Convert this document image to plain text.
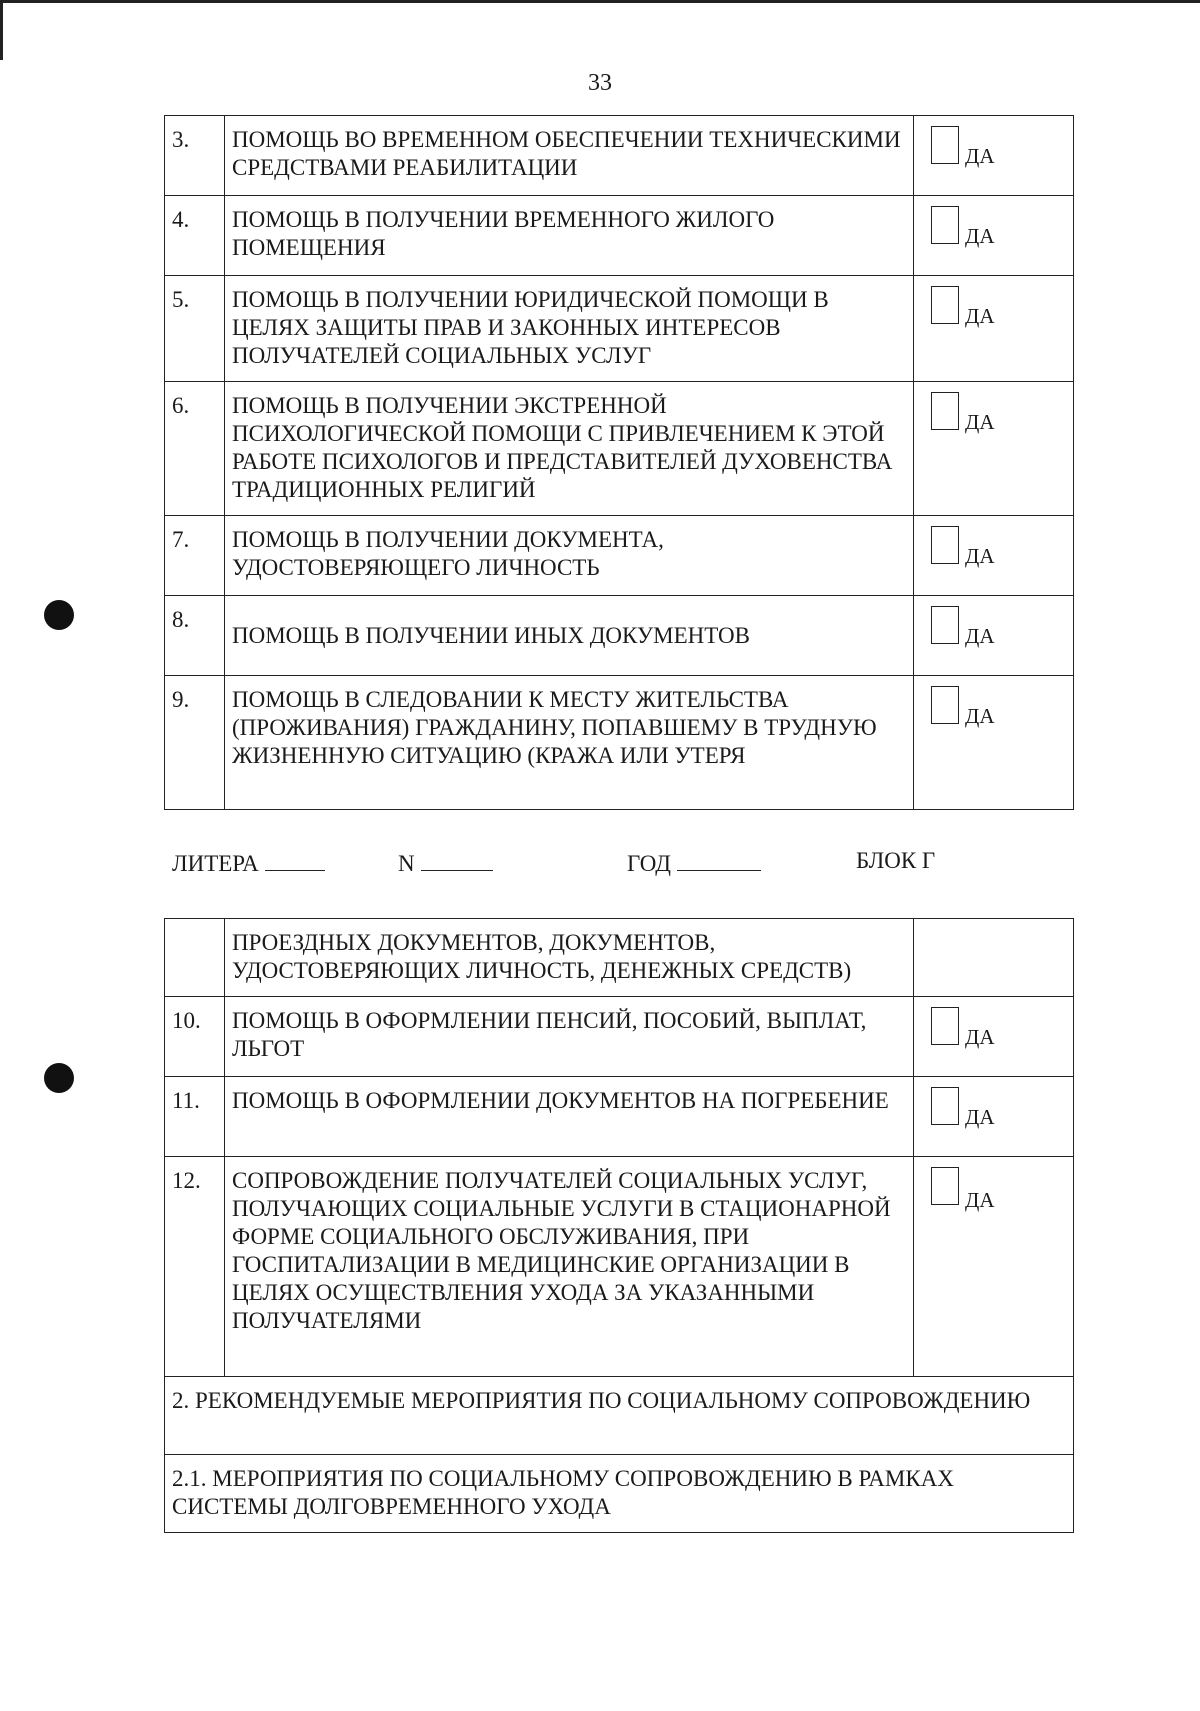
33
3.	ПОМОЩЬ ВО ВРЕМЕННОМ ОБЕСПЕЧЕНИИ ТЕХНИЧЕСКИМИ СРЕДСТВАМИ РЕАБИЛИТАЦИИ	ДА

4.	ПОМОЩЬ В ПОЛУЧЕНИИ ВРЕМЕННОГО ЖИЛОГО ПОМЕЩЕНИЯ	ДА

5.	ПОМОЩЬ В ПОЛУЧЕНИИ ЮРИДИЧЕСКОЙ ПОМОЩИ В ЦЕЛЯХ ЗАЩИТЫ ПРАВ И ЗАКОННЫХ ИНТЕРЕСОВ ПОЛУЧАТЕЛЕЙ СОЦИАЛЬНЫХ УСЛУГ	ДА

6.	ПОМОЩЬ В ПОЛУЧЕНИИ ЭКСТРЕННОЙ ПСИХОЛОГИЧЕСКОЙ ПОМОЩИ С ПРИВЛЕЧЕНИЕМ К ЭТОЙ РАБОТЕ ПСИХОЛОГОВ И ПРЕДСТАВИТЕЛЕЙ ДУХОВЕНСТВА ТРАДИЦИОННЫХ РЕЛИГИЙ	ДА

7.	ПОМОЩЬ В ПОЛУЧЕНИИ ДОКУМЕНТА, УДОСТОВЕРЯЮЩЕГО ЛИЧНОСТЬ	ДА

8.	ПОМОЩЬ В ПОЛУЧЕНИИ ИНЫХ ДОКУМЕНТОВ	ДА

9.	ПОМОЩЬ В СЛЕДОВАНИИ К МЕСТУ ЖИТЕЛЬСТВА (ПРОЖИВАНИЯ) ГРАЖДАНИНУ, ПОПАВШЕМУ В ТРУДНУЮ ЖИЗНЕННУЮ СИТУАЦИЮ (КРАЖА ИЛИ УТЕРЯ	ДА
ЛИТЕРА	N	ГОД	БЛОК Г
	ПРОЕЗДНЫХ ДОКУМЕНТОВ, ДОКУМЕНТОВ, УДОСТОВЕРЯЮЩИХ ЛИЧНОСТЬ, ДЕНЕЖНЫХ СРЕДСТВ)	
10.	ПОМОЩЬ В ОФОРМЛЕНИИ ПЕНСИЙ, ПОСОБИЙ, ВЫПЛАТ, ЛЬГОТ	ДА

11.	ПОМОЩЬ В ОФОРМЛЕНИИ ДОКУМЕНТОВ НА ПОГРЕБЕНИЕ	ДА

12.	СОПРОВОЖДЕНИЕ ПОЛУЧАТЕЛЕЙ СОЦИАЛЬНЫХ УСЛУГ, ПОЛУЧАЮЩИХ СОЦИАЛЬНЫЕ УСЛУГИ В СТАЦИОНАРНОЙ ФОРМЕ СОЦИАЛЬНОГО ОБСЛУЖИВАНИЯ, ПРИ ГОСПИТАЛИЗАЦИИ В МЕДИЦИНСКИЕ ОРГАНИЗАЦИИ В ЦЕЛЯХ ОСУЩЕСТВЛЕНИЯ УХОДА ЗА УКАЗАННЫМИ ПОЛУЧАТЕЛЯМИ	ДА

2. РЕКОМЕНДУЕМЫЕ МЕРОПРИЯТИЯ ПО СОЦИАЛЬНОМУ СОПРОВОЖДЕНИЮ		
2.1. МЕРОПРИЯТИЯ ПО СОЦИАЛЬНОМУ СОПРОВОЖДЕНИЮ В РАМКАХ СИСТЕМЫ ДОЛГОВРЕМЕННОГО УХОДА		
